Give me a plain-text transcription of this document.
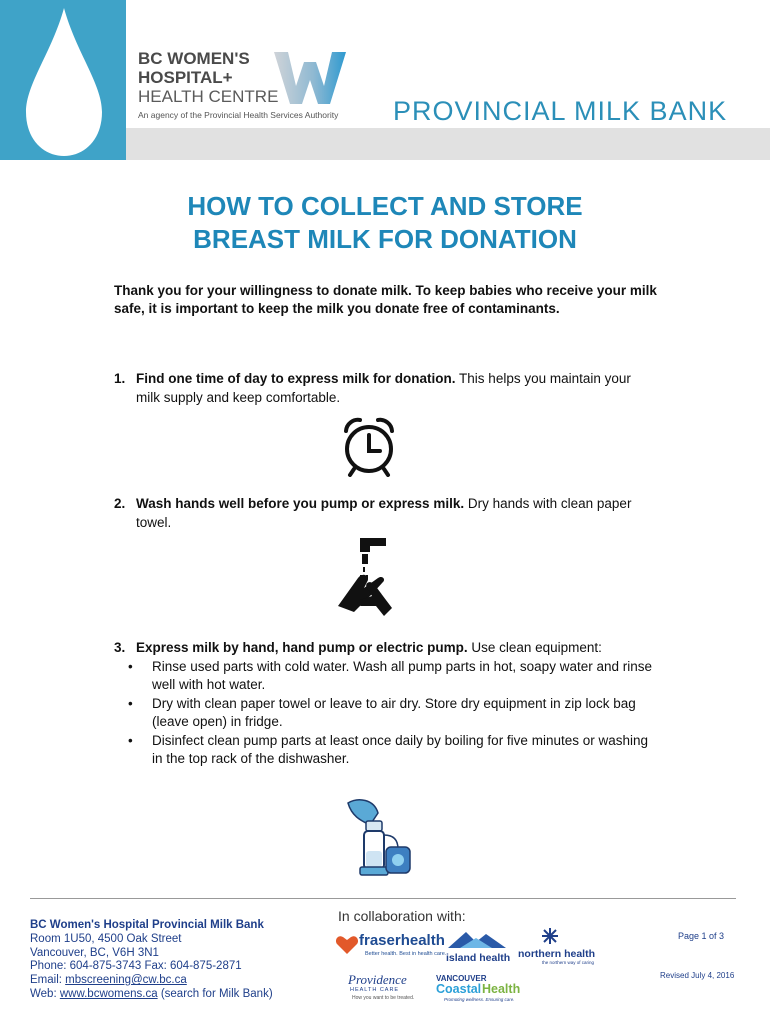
BC WOMEN'S
HOSPITAL+
HEALTH CENTRE
An agency of the Provincial Health Services Authority PROVINCIAL MILK BANK
HOW TO COLLECT AND STORE
BREAST MILK FOR DONATION
Thank you for your willingness to donate milk. To keep babies who receive your milk safe, it is important to keep the milk you donate free of contaminants.
1. Find one time of day to express milk for donation. This helps you maintain your milk supply and keep comfortable.
2. Wash hands well before you pump or express milk. Dry hands with clean paper towel.
3. Express milk by hand, hand pump or electric pump. Use clean equipment:
• Rinse used parts with cold water. Wash all pump parts in hot, soapy water and rinse well with hot water.
• Dry with clean paper towel or leave to air dry. Store dry equipment in zip lock bag (leave open) in fridge.
• Disinfect clean pump parts at least once daily by boiling for five minutes or washing in the top rack of the dishwasher.
BC Women's Hospital Provincial Milk Bank
Room 1U50, 4500 Oak Street
Vancouver, BC, V6H 3N1
Phone: 604-875-3743 Fax: 604-875-2871
Email: mbscreening@cw.bc.ca
Web: www.bcwomens.ca (search for Milk Bank)
In collaboration with:
fraserhealth
Better health. Best in health care. island health northern health
the northern way of caring
Providence
HEALTH CARE
How you want to be treated.
VANCOUVER
Coastal Health
Promoting wellness. Ensuring care.
Page 1 of 3
Revised July 4, 2016
